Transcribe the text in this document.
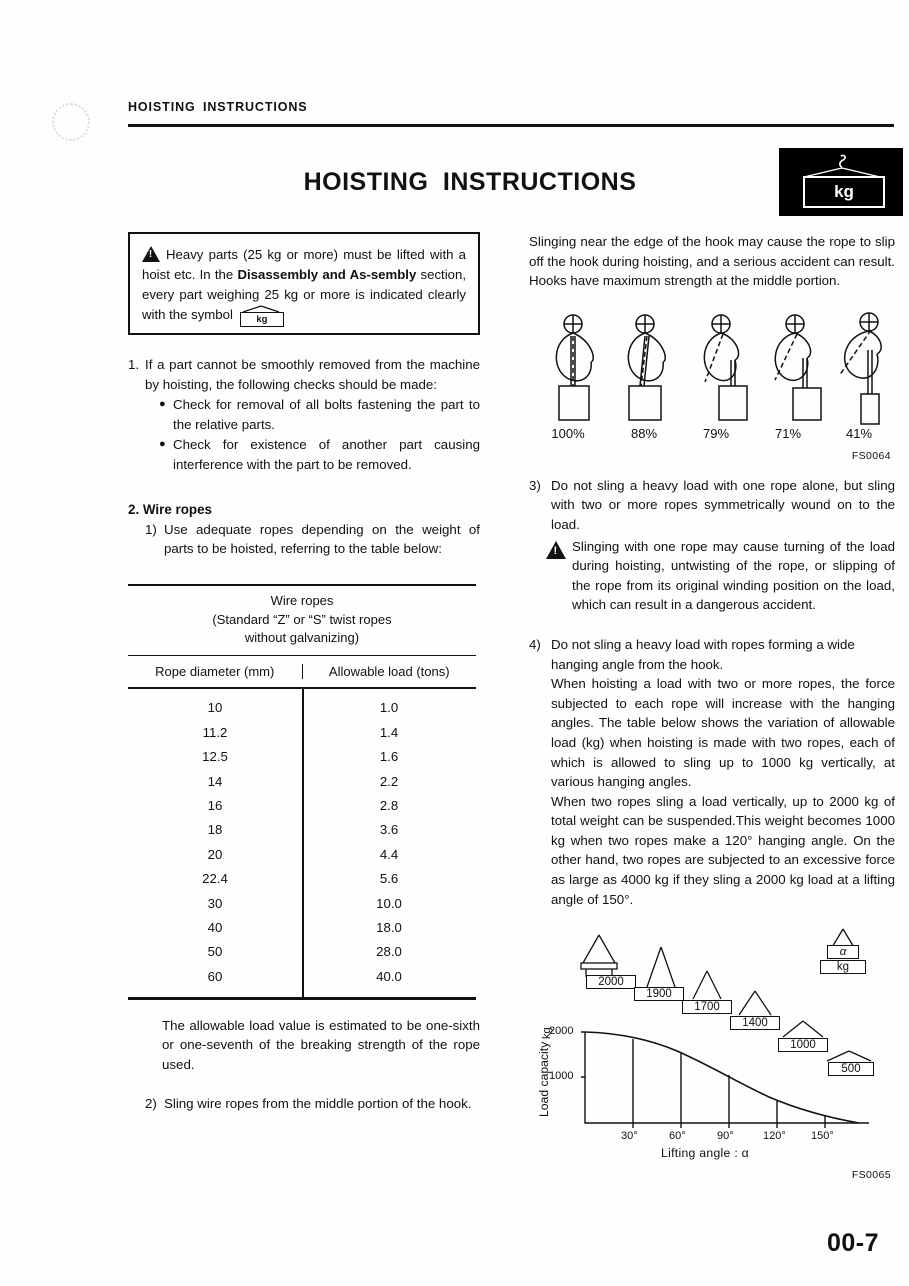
HOISTING INSTRUCTIONS
HOISTING INSTRUCTIONS	kg
!Heavy parts (25 kg or more) must be lifted with a hoist etc. In the Disassembly and As-sembly section, every part weighing 25 kg or more is indicated clearly with the symbol	kg
1. If a part cannot be smoothly removed from the machine by hoisting, the following checks should be made:
● Check for removal of all bolts fastening the part to the relative parts.
● Check for existence of another part causing interference with the part to be removed.
2. Wire ropes
1) Use adequate ropes depending on the weight of parts to be hoisted, referring to the table below:
Wire ropes
(Standard “Z” or “S” twist ropes
without galvanizing)
Rope diameter (mm)	Allowable load (tons)
10	1.0
11.2	1.4
12.5	1.6
14	2.2
16	2.8
18	3.6
20	4.4
22.4	5.6
30	10.0
40	18.0
50	28.0
60	40.0
The allowable load value is estimated to be one-sixth or one-seventh of the breaking strength of the rope used.
2) Sling wire ropes from the middle portion of the hook.
Slinging near the edge of the hook may cause the rope to slip off the hook during hoisting, and a serious accident can result. Hooks have maximum strength at the middle portion.
100%	88%	79%	71%	41%
FS0064
3) Do not sling a heavy load with one rope alone, but sling with two or more ropes symmetrically wound on to the load.
!
Slinging with one rope may cause turning of the load during hoisting, untwisting of the rope, or slipping of the rope from its original winding position on the load, which can result in a dangerous accident.
4) Do not sling a heavy load with ropes forming a wide hanging angle from the hook.
When hoisting a load with two or more ropes, the force subjected to each rope will increase with the hanging angles. The table below shows the variation of allowable load (kg) when hoisting is made with two ropes, each of which is allowed to sling up to 1000 kg vertically, at various hanging angles.
When two ropes sling a load vertically, up to 2000 kg of total weight can be suspended.This weight becomes 1000 kg when two ropes make a 120° hanging angle. On the other hand, two ropes are subjected to an excessive force as large as 4000 kg if they sling a 2000 kg load at a lifting angle of 150°.
α
kg
2000
1900
1700
1400
1000
500
2000
1000
kg
Load capacity
30°	60°	90°	120° 150°
Lifting angle : α
FS0065
00-7
